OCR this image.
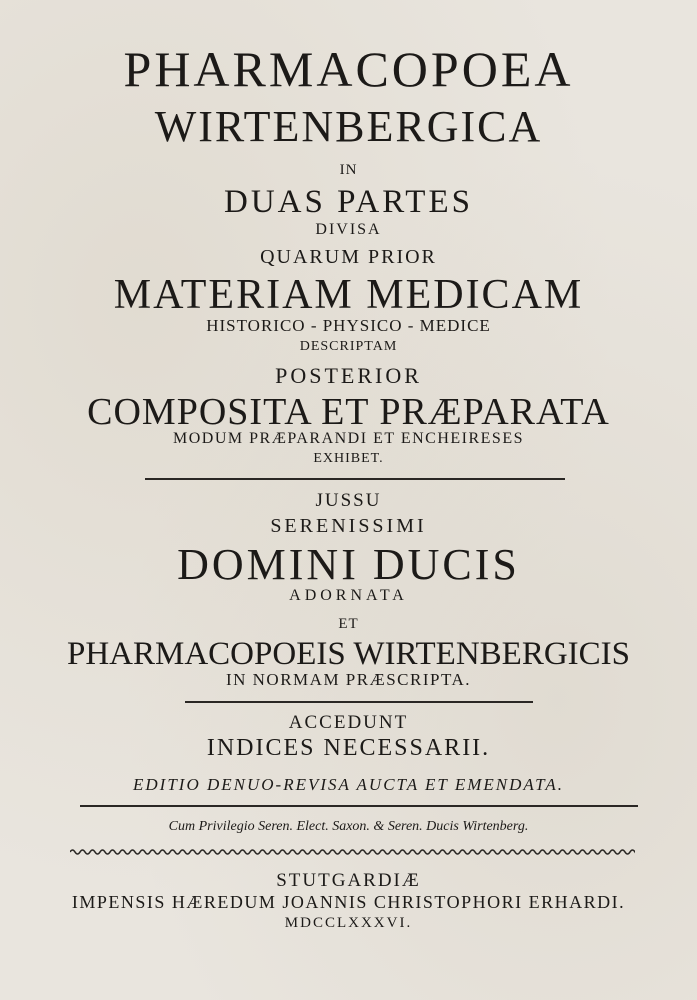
PHARMACOPOEA
WIRTENBERGICA
IN
DUAS PARTES
DIVISA
QUARUM PRIOR
MATERIAM MEDICAM
HISTORICO - PHYSICO - MEDICE
DESCRIPTAM
POSTERIOR
COMPOSITA ET PRÆPARATA
MODUM PRÆPARANDI ET ENCHEIRESES
EXHIBET.
JUSSU
SERENISSIMI
DOMINI DUCIS
ADORNATA
ET
PHARMACOPOEIS WIRTENBERGICIS
IN NORMAM PRÆSCRIPTA.
ACCEDUNT
INDICES NECESSARII.
EDITIO DENUO-REVISA AUCTA ET EMENDATA.
Cum Privilegio Seren. Elect. Saxon. & Seren. Ducis Wirtenberg.
STUTGARDIÆ
IMPENSIS HÆREDUM JOANNIS CHRISTOPHORI ERHARDI.
MDCCLXXXVI.
